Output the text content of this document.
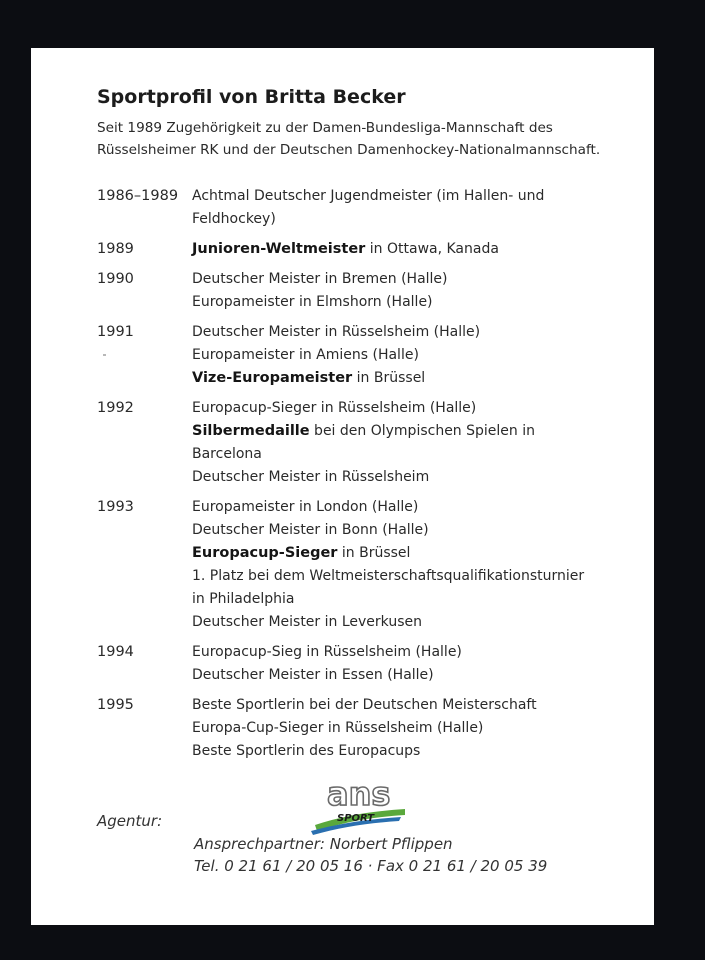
Sportprofil von Britta Becker

Seit 1989 Zugehörigkeit zu der Damen-Bundesliga-Mannschaft des
Rüsselsheimer RK und der Deutschen Damenhockey-Nationalmannschaft.

1986–1989 Achtmal Deutscher Jugendmeister (im Hallen- und
Feldhockey)
1989	Junioren-Weltmeister in Ottawa, Kanada
1990	Deutscher Meister in Bremen (Halle)
Europameister in Elmshorn (Halle)
1991	Deutscher Meister in Rüsselsheim (Halle)
Europameister in Amiens (Halle)
Vize-Europameister in Brüssel
1992	Europacup-Sieger in Rüsselsheim (Halle)
Silbermedaille bei den Olympischen Spielen in
Barcelona
Deutscher Meister in Rüsselsheim
1993	Europameister in London (Halle)
Deutscher Meister in Bonn (Halle)
Europacup-Sieger in Brüssel
1. Platz bei dem Weltmeisterschaftsqualifikationsturnier
in Philadelphia
Deutscher Meister in Leverkusen
1994	Europacup-Sieg in Rüsselsheim (Halle)
Deutscher Meister in Essen (Halle)
1995	Beste Sportlerin bei der Deutschen Meisterschaft
Europa-Cup-Sieger in Rüsselsheim (Halle)
Beste Sportlerin des Europacups
Agentur:
ans
SPORT
Ansprechpartner: Norbert Pflippen
Tel. 0 21 61 / 20 05 16 · Fax 0 21 61 / 20 05 39
